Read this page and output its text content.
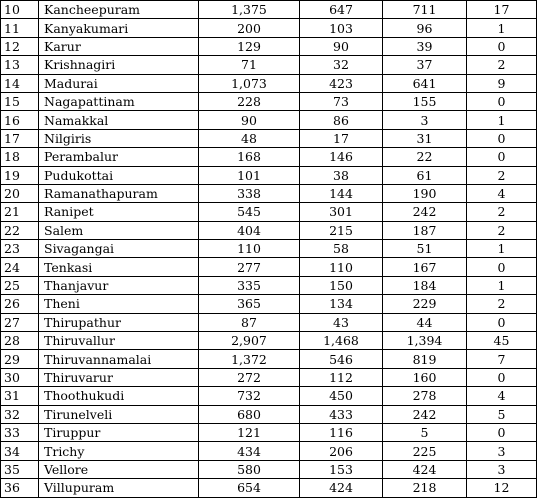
10	Kancheepuram	1,375	647	711	17
11	Kanyakumari	200	103	96	1
12	Karur	129	90	39	0
13	Krishnagiri	71	32	37	2
14	Madurai	1,073	423	641	9
15	Nagapattinam	228	73	155	0
16	Namakkal	90	86	3	1
17	Nilgiris	48	17	31	0
18	Perambalur	168	146	22	0
19	Pudukottai	101	38	61	2
20	Ramanathapuram	338	144	190	4
21	Ranipet	545	301	242	2
22	Salem	404	215	187	2
23	Sivagangai	110	58	51	1
24	Tenkasi	277	110	167	0
25	Thanjavur	335	150	184	1
26	Theni	365	134	229	2
27	Thirupathur	87	43	44	0
28	Thiruvallur	2,907	1,468	1,394	45
29	Thiruvannamalai	1,372	546	819	7
30	Thiruvarur	272	112	160	0
31	Thoothukudi	732	450	278	4
32	Tirunelveli	680	433	242	5
33	Tiruppur	121	116	5	0
34	Trichy	434	206	225	3
35	Vellore	580	153	424	3
36	Villupuram	654	424	218	12
